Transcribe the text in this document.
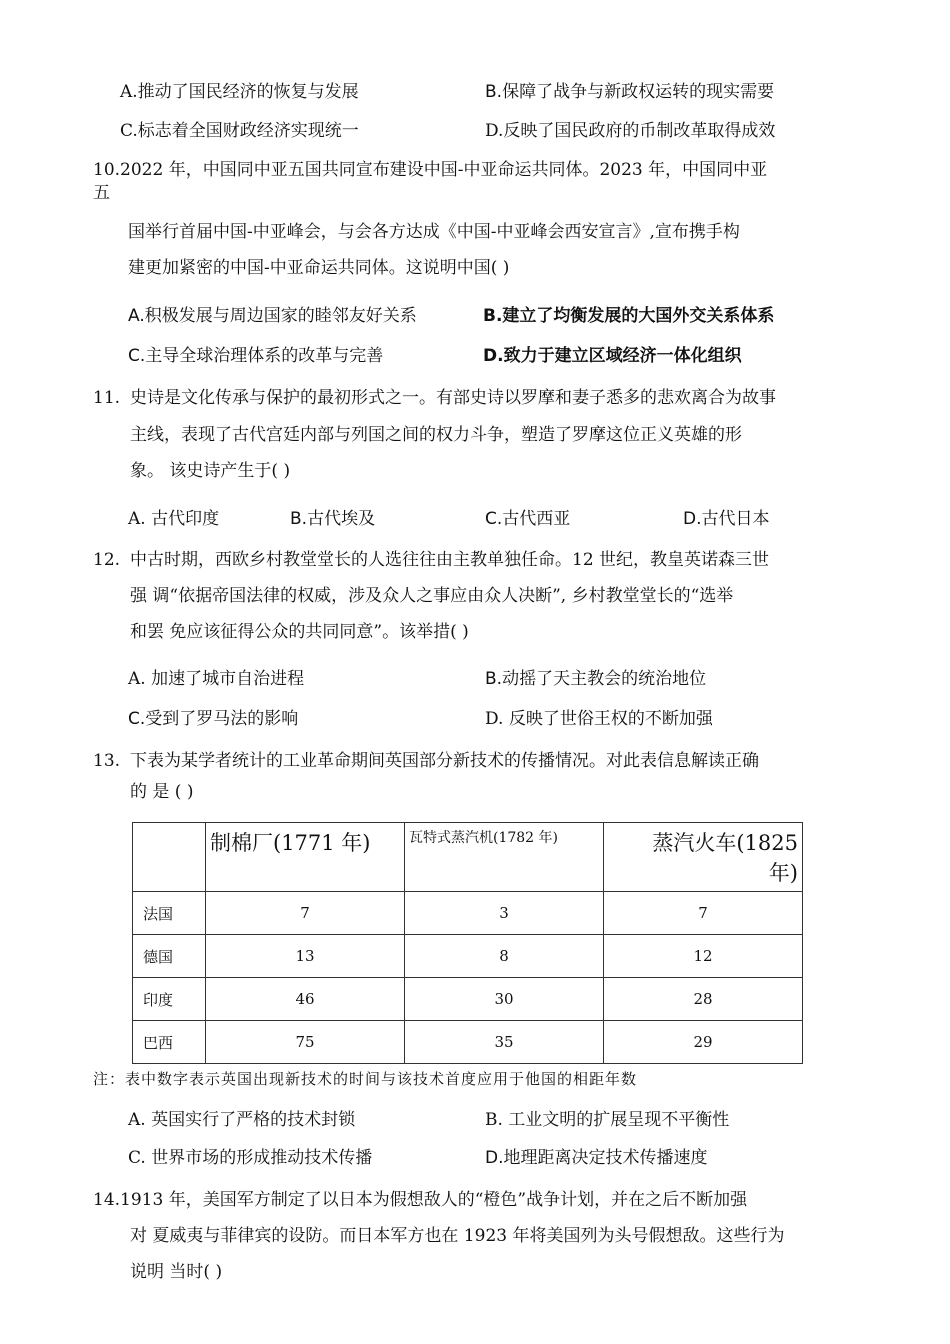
A.推动了国民经济的恢复与发展	B.保障了战争与新政权运转的现实需要
C.标志着全国财政经济实现统一	D.反映了国民政府的币制改革取得成效
10.2022 年，中国同中亚五国共同宣布建设中国-中亚命运共同体。2023 年，中国同中亚
五
国举行首届中国-中亚峰会，与会各方达成《中国-中亚峰会西安宣言》,宣布携手构
建更加紧密的中国-中亚命运共同体。这说明中国( )
A.积极发展与周边国家的睦邻友好关系	B.建立了均衡发展的大国外交关系体系
C.主导全球治理体系的改革与完善	D.致力于建立区域经济一体化组织
11. 史诗是文化传承与保护的最初形式之一。有部史诗以罗摩和妻子悉多的悲欢离合为故事
主线，表现了古代宫廷内部与列国之间的权力斗争，塑造了罗摩这位正义英雄的形
象。 该史诗产生于( )
A. 古代印度	B.古代埃及	C.古代西亚	D.古代日本
12. 中古时期，西欧乡村教堂堂长的人选往往由主教单独任命。12 世纪，教皇英诺森三世
强 调“依据帝国法律的权威，涉及众人之事应由众人决断”, 乡村教堂堂长的“选举
和罢 免应该征得公众的共同同意”。该举措( )
A. 加速了城市自治进程	B.动摇了天主教会的统治地位
C.受到了罗马法的影响	D. 反映了世俗王权的不断加强
13. 下表为某学者统计的工业革命期间英国部分新技术的传播情况。对此表信息解读正确
的 是 ( )
	制棉厂(1771 年)	瓦特式蒸汽机(1782 年)	蒸汽火车(1825
年)
法国	7	3	7
德国	13	8	12
印度	46	30	28
巴西	75	35	29
注：表中数字表示英国出现新技术的时间与该技术首度应用于他国的相距年数
A. 英国实行了严格的技术封锁	B. 工业文明的扩展呈现不平衡性
C. 世界市场的形成推动技术传播	D.地理距离决定技术传播速度
14.1913 年，美国军方制定了以日本为假想敌人的“橙色”战争计划，并在之后不断加强
对 夏威夷与菲律宾的设防。而日本军方也在 1923 年将美国列为头号假想敌。这些行为
说明 当时( )
